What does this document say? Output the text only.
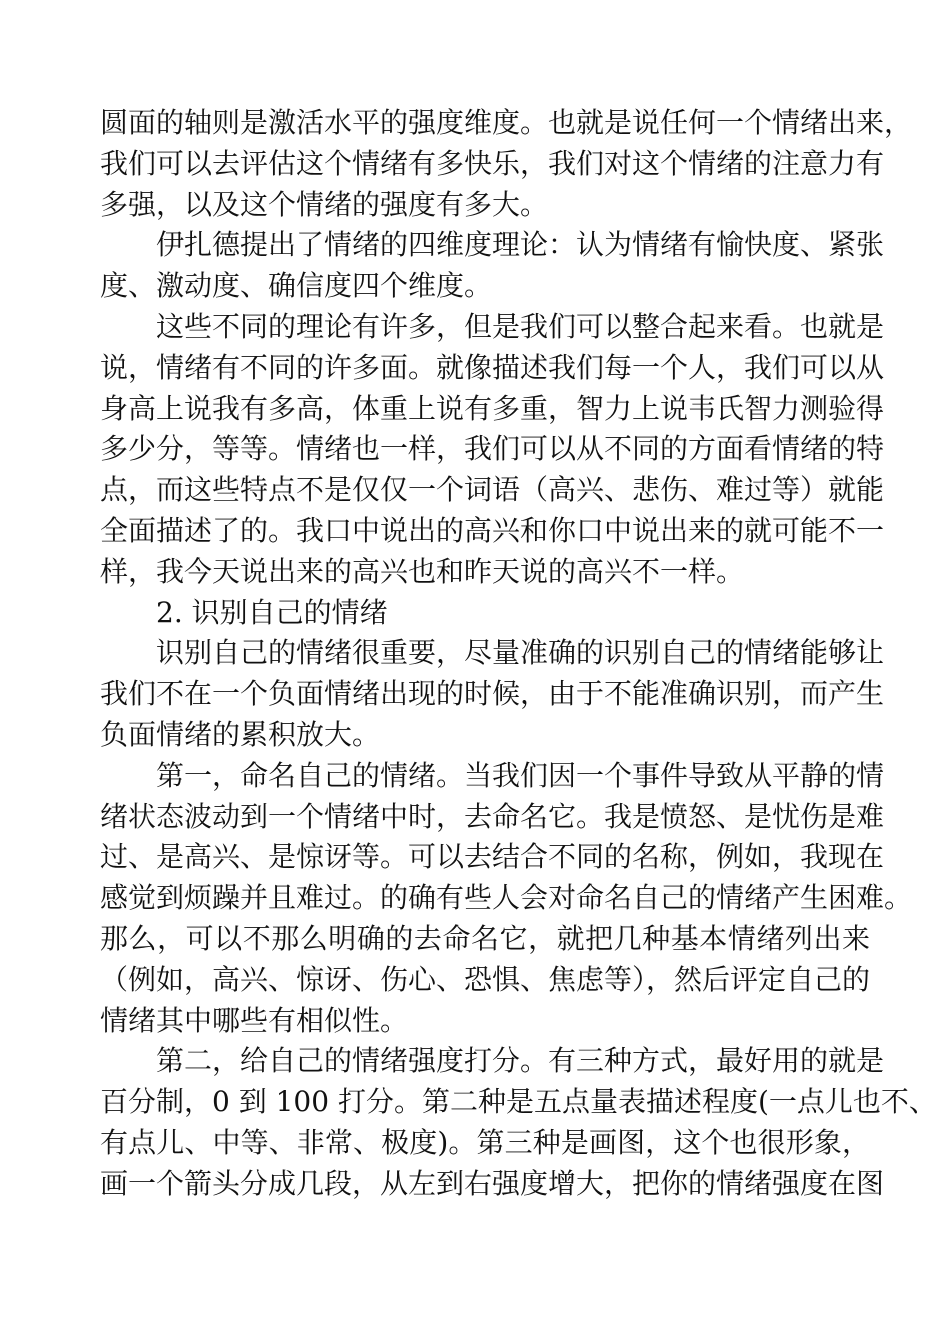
圆面的轴则是激活水平的强度维度。也就是说任何一个情绪出来，
我们可以去评估这个情绪有多快乐，我们对这个情绪的注意力有
多强，以及这个情绪的强度有多大。
伊扎德提出了情绪的四维度理论：认为情绪有愉快度、紧张
度、激动度、确信度四个维度。
这些不同的理论有许多，但是我们可以整合起来看。也就是
说，情绪有不同的许多面。就像描述我们每一个人，我们可以从
身高上说我有多高，体重上说有多重，智力上说韦氏智力测验得
多少分，等等。情绪也一样，我们可以从不同的方面看情绪的特
点，而这些特点不是仅仅一个词语（高兴、悲伤、难过等）就能
全面描述了的。我口中说出的高兴和你口中说出来的就可能不一
样，我今天说出来的高兴也和昨天说的高兴不一样。
2. 识别自己的情绪
识别自己的情绪很重要，尽量准确的识别自己的情绪能够让
我们不在一个负面情绪出现的时候，由于不能准确识别，而产生
负面情绪的累积放大。
第一，命名自己的情绪。当我们因一个事件导致从平静的情
绪状态波动到一个情绪中时，去命名它。我是愤怒、是忧伤是难
过、是高兴、是惊讶等。可以去结合不同的名称，例如，我现在
感觉到烦躁并且难过。的确有些人会对命名自己的情绪产生困难。
那么，可以不那么明确的去命名它，就把几种基本情绪列出来
（例如，高兴、惊讶、伤心、恐惧、焦虑等），然后评定自己的
情绪其中哪些有相似性。
第二，给自己的情绪强度打分。有三种方式，最好用的就是
百分制，0 到 100 打分。第二种是五点量表描述程度(一点儿也不、
有点儿、中等、非常、极度)。第三种是画图，这个也很形象，
画一个箭头分成几段，从左到右强度增大，把你的情绪强度在图
